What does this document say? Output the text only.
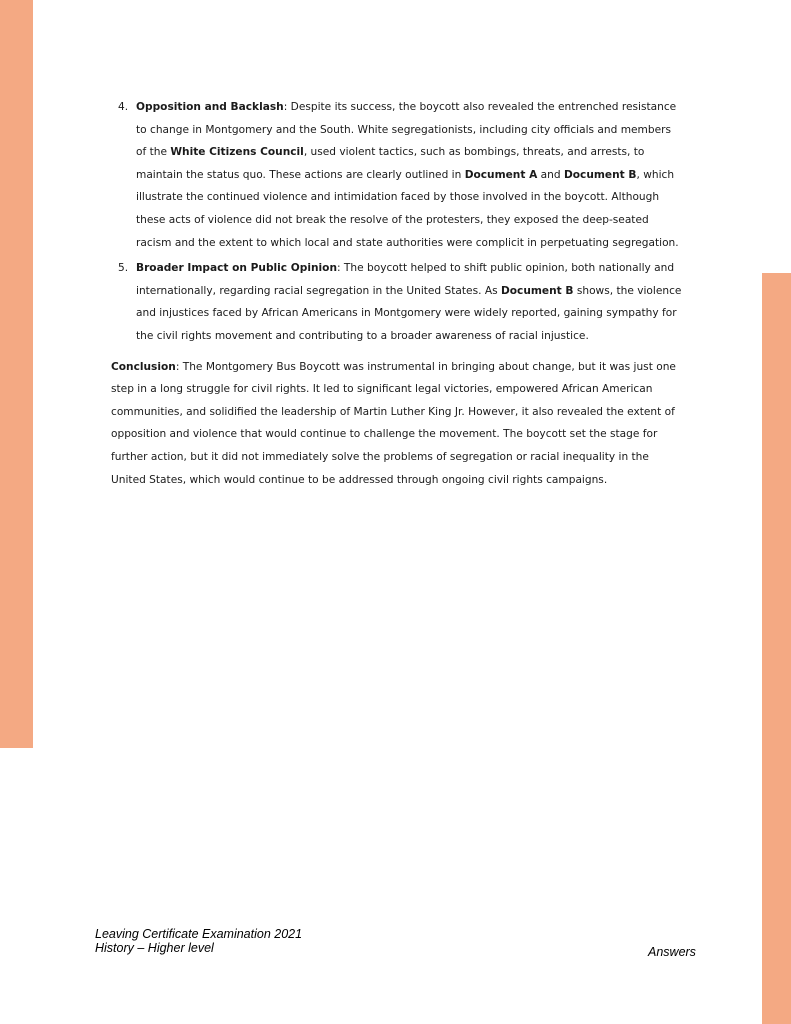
4. Opposition and Backlash: Despite its success, the boycott also revealed the entrenched resistance to change in Montgomery and the South. White segregationists, including city officials and members of the White Citizens Council, used violent tactics, such as bombings, threats, and arrests, to maintain the status quo. These actions are clearly outlined in Document A and Document B, which illustrate the continued violence and intimidation faced by those involved in the boycott. Although these acts of violence did not break the resolve of the protesters, they exposed the deep-seated racism and the extent to which local and state authorities were complicit in perpetuating segregation.
5. Broader Impact on Public Opinion: The boycott helped to shift public opinion, both nationally and internationally, regarding racial segregation in the United States. As Document B shows, the violence and injustices faced by African Americans in Montgomery were widely reported, gaining sympathy for the civil rights movement and contributing to a broader awareness of racial injustice.

Conclusion: The Montgomery Bus Boycott was instrumental in bringing about change, but it was just one step in a long struggle for civil rights. It led to significant legal victories, empowered African American communities, and solidified the leadership of Martin Luther King Jr. However, it also revealed the extent of opposition and violence that would continue to challenge the movement. The boycott set the stage for further action, but it did not immediately solve the problems of segregation or racial inequality in the United States, which would continue to be addressed through ongoing civil rights campaigns.

Leaving Certificate Examination 2021
History – Higher level	Answers
